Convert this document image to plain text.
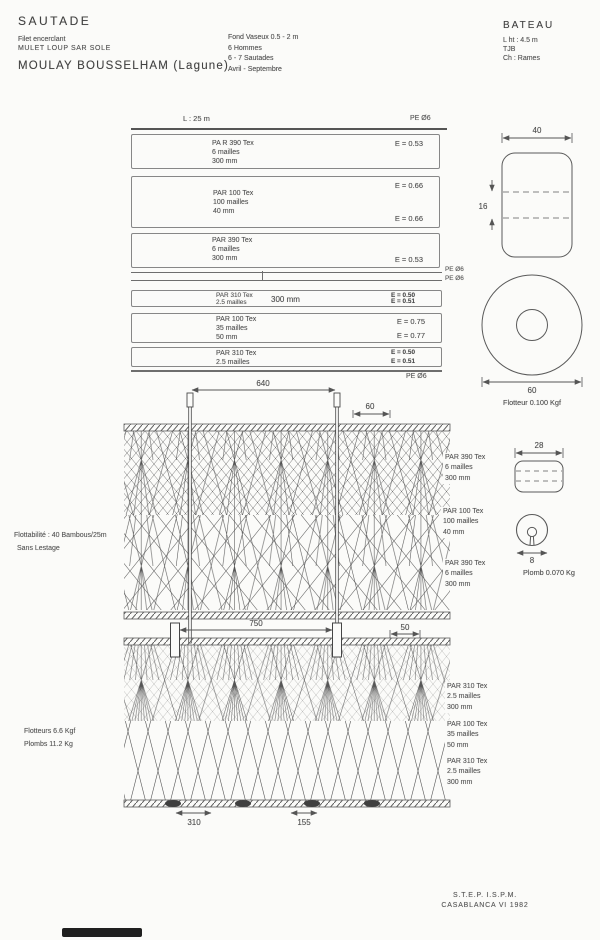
SAUTADE
Filet encerclant
MULET LOUP SAR SOLE
MOULAY BOUSSELHAM (Lagune)
Fond Vaseux 0.5 - 2 m
6 Hommes
6 - 7 Sautades
Avril - Septembre
BATEAU
L ht : 4.5 m
TJB
Ch : Rames
L : 25 m	PE Ø6
PA R 390 Tex
6 mailles
300 mm
E = 0.53
E = 0.66
PAR 100 Tex
100 mailles
40 mm
E = 0.66
PAR 390 Tex
6 mailles
300 mm	E = 0.53
PE Ø6
PE Ø6
PAR 310 Tex
2.5 mailles	300 mm	E = 0.50
E = 0.51
PAR 100 Tex
35 mailles
50 mm
E = 0.75
E = 0.77
PAR 310 Tex
2.5 mailles
E = 0.50
E = 0.51
PE Ø6
40
16
60
Flotteur 0.100 Kgf
28
8
Plomb 0.070 Kg
640
60
750	50
310	155
Flottabilité : 40 Bambous/25m
Sans Lestage
Flotteurs 6.6 Kgf
Plombs 11.2 Kg
PAR 390 Tex
6 mailles
300 mm
PAR 100 Tex
100 mailles
40 mm
PAR 390 Tex
6 mailles
300 mm
PAR 310 Tex
2.5 mailles
300 mm
PAR 100 Tex
35 mailles
50 mm
PAR 310 Tex
2.5 mailles
300 mm
S.T.E.P. I.S.P.M.
CASABLANCA VI 1982
